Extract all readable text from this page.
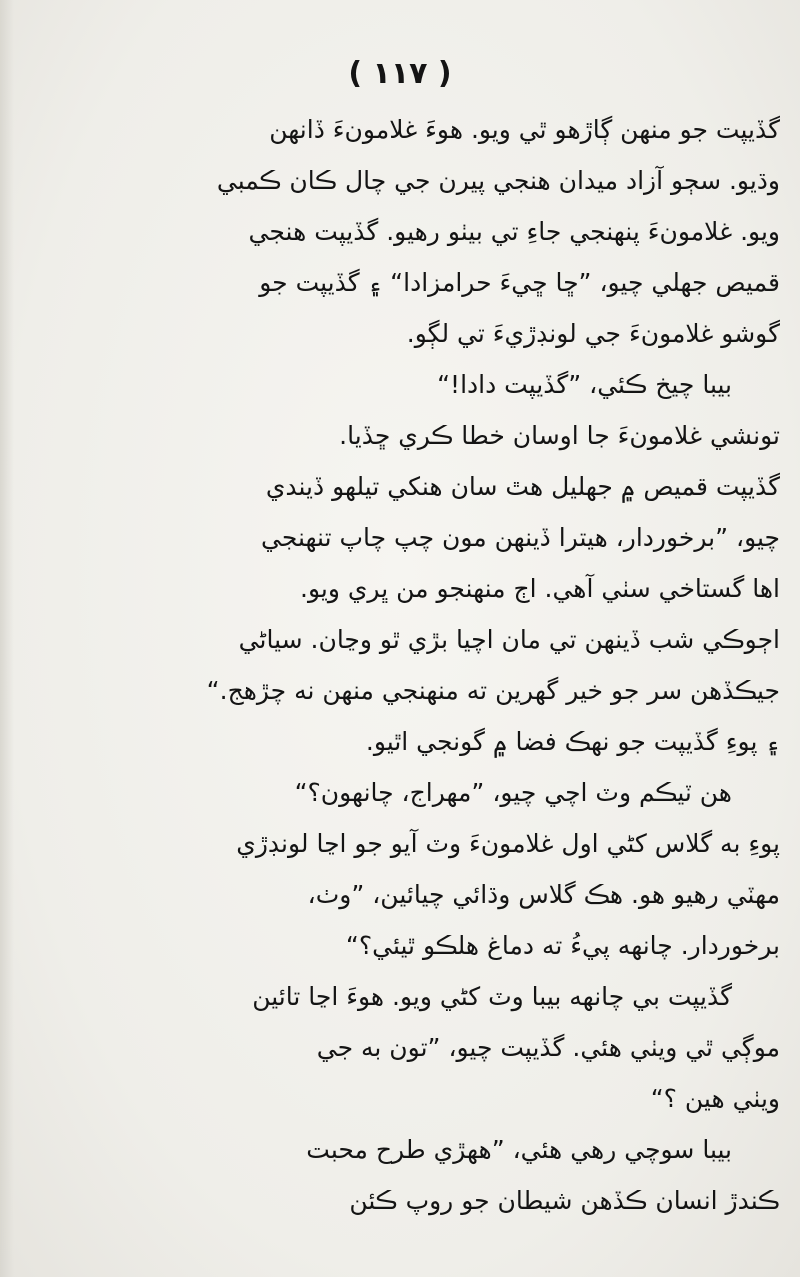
( ١١٧ )
گڏيپت جو منهن ڳاڙهو ٿي ويو. هوءَ غلامونءَ ڏانهن
وڌيو. سڄو آزاد ميدان هنجي پيرن جي چال ڪان ڪمبي
ويو. غلامونءَ پنهنجي جاءِ تي بيٺو رهيو. گڏيپت هنجي
قميص جهلي چيو، ”ڇا ڇيءَ حرامزادا“ ۽ گڏيپت جو
گوشو غلامونءَ جي لونڊڙيءَ تي لڳو.
بيبا چيخ ڪئي، ”گڏيپت دادا!“
تونشي غلامونءَ جا اوسان خطا ڪري ڇڏيا.
گڏيپت قميص ۾ جهليل هٿ سان هنکي تيلهو ڏيندي
چيو، ”برخوردار، هيترا ڏينهن مون چپ چاپ تنهنجي
اها گستاخي سٺي آهي. اڄ منهنجو من ڀري ويو.
اڄوڪي شب ڏينهن تي مان اچيا بڙي ٿو وڃان. سياڻي
جيڪڏهن سر جو خير گهرين ته منهنجي منهن نه چڙهج.“
۽ پوءِ گڏيپت جو نهڪ فضا ۾ گونجي اٿيو.
هن ٽيڪم وٽ اچي چيو، ”مهراج، چانهون؟“
پوءِ به گلاس کڻي اول غلامونءَ وٽ آيو جو اڃا لونڊڙي
مهٽي رهيو هو. هڪ گلاس وڌائي چيائين، ”وٺ،
برخوردار. چانهه پيءُ ته دماغ هلڪو ٿيئي؟“
گڏيپت بي چانهه بيبا وٽ کڻي ويو. هوءَ اڃا تائين
موڳي ٿي ويٺي هئي. گڏيپت چيو، ”تون به جي
ويٺي هين ؟“
بيبا سوچي رهي هئي، ”ههڙي طرح محبت
ڪندڙ انسان ڪڏهن شيطان جو روپ ڪئن
